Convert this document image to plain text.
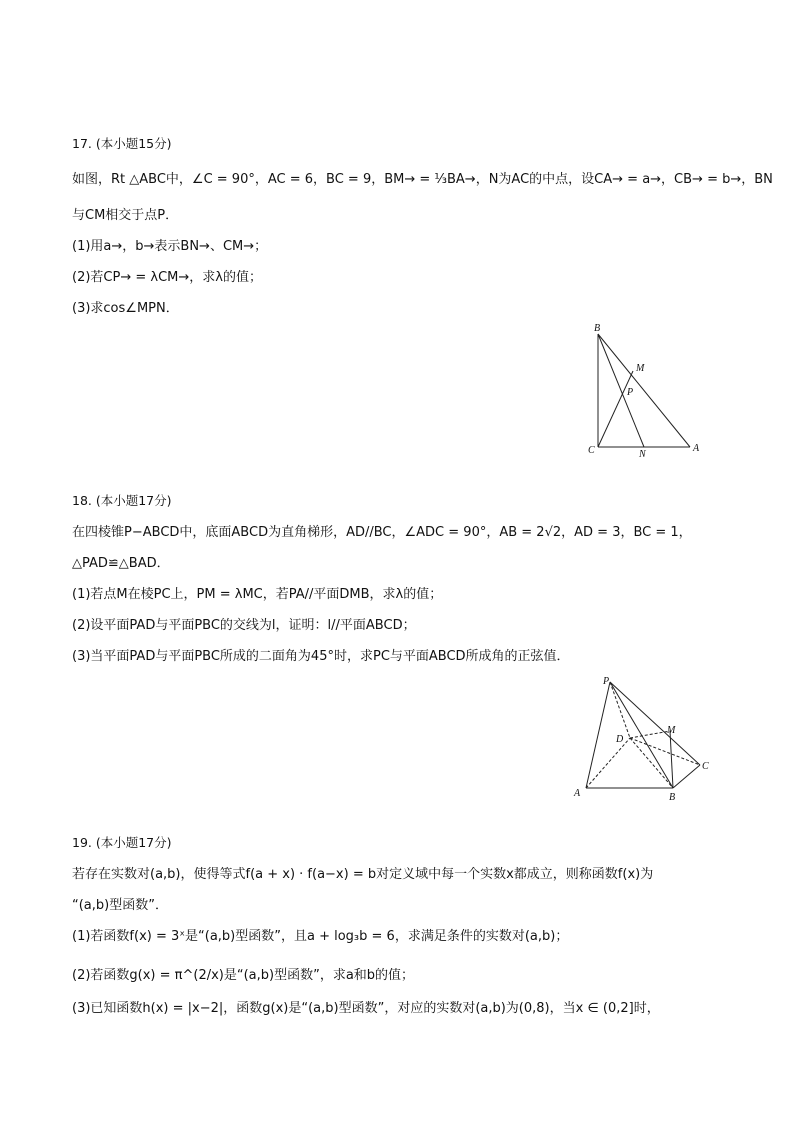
17. (本小题15分)
如图，Rt △ABC中，∠C = 90°，AC = 6，BC = 9，BM→ = ⅓BA→，N为AC的中点，设CA→ = a→，CB→ = b→，BN
与CM相交于点P．
(1)用a→，b→表示BN→、CM→；
(2)若CP→ = λCM→，求λ的值；
(3)求cos∠MPN．
B
M
P
C	N
A
18. (本小题17分)
在四棱锥P−ABCD中，底面ABCD为直角梯形，AD//BC，∠ADC = 90°，AB = 2√2，AD = 3，BC = 1，
△PAD≌△BAD．
(1)若点M在棱PC上，PM = λMC，若PA//平面DMB，求λ的值；
(2)设平面PAD与平面PBC的交线为l，证明：l//平面ABCD；
(3)当平面PAD与平面PBC所成的二面角为45°时，求PC与平面ABCD所成角的正弦值．
P
M
D
C
A	B
19. (本小题17分)
若存在实数对(a,b)，使得等式f(a + x) · f(a−x) = b对定义域中每一个实数x都成立，则称函数f(x)为
“(a,b)型函数”．
(1)若函数f(x) = 3ˣ是“(a,b)型函数”，且a + log₃b = 6，求满足条件的实数对(a,b)；
(2)若函数g(x) = π^(2/x)是“(a,b)型函数”，求a和b的值；
(3)已知函数h(x) = |x−2|，函数g(x)是“(a,b)型函数”，对应的实数对(a,b)为(0,8)，当x ∈ (0,2]时，
